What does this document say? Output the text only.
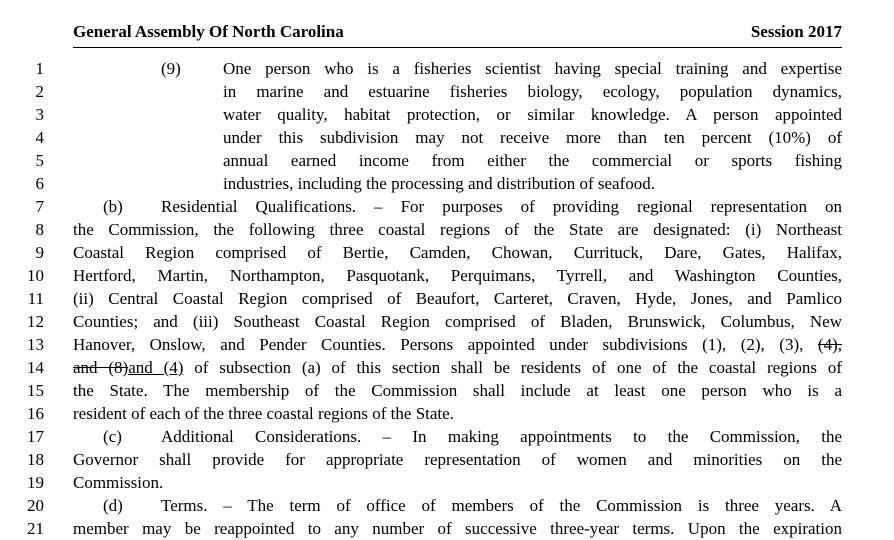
General Assembly Of North Carolina	Session 2017
1	(9) One person who is a fisheries scientist having special training and expertise
2	in marine and estuarine fisheries biology, ecology, population dynamics,
3	water quality, habitat protection, or similar knowledge. A person appointed
4	under this subdivision may not receive more than ten percent (10%) of
5	annual earned income from either the commercial or sports fishing
6	industries, including the processing and distribution of seafood.
7	(b) Residential Qualifications. – For purposes of providing regional representation on
8 the Commission, the following three coastal regions of the State are designated: (i) Northeast
9 Coastal Region comprised of Bertie, Camden, Chowan, Currituck, Dare, Gates, Halifax,
10 Hertford, Martin, Northampton, Pasquotank, Perquimans, Tyrrell, and Washington Counties,
11 (ii) Central Coastal Region comprised of Beaufort, Carteret, Craven, Hyde, Jones, and Pamlico
12 Counties; and (iii) Southeast Coastal Region comprised of Bladen, Brunswick, Columbus, New
13 Hanover, Onslow, and Pender Counties. Persons appointed under subdivisions (1), (2), (3), (4),
14 and (8)and (4) of subsection (a) of this section shall be residents of one of the coastal regions of
15 the State. The membership of the Commission shall include at least one person who is a
16 resident of each of the three coastal regions of the State.
17	(c) Additional Considerations. – In making appointments to the Commission, the
18 Governor shall provide for appropriate representation of women and minorities on the
19 Commission.
20	(d) Terms. – The term of office of members of the Commission is three years. A
21 member may be reappointed to any number of successive three-year terms. Upon the expiration
